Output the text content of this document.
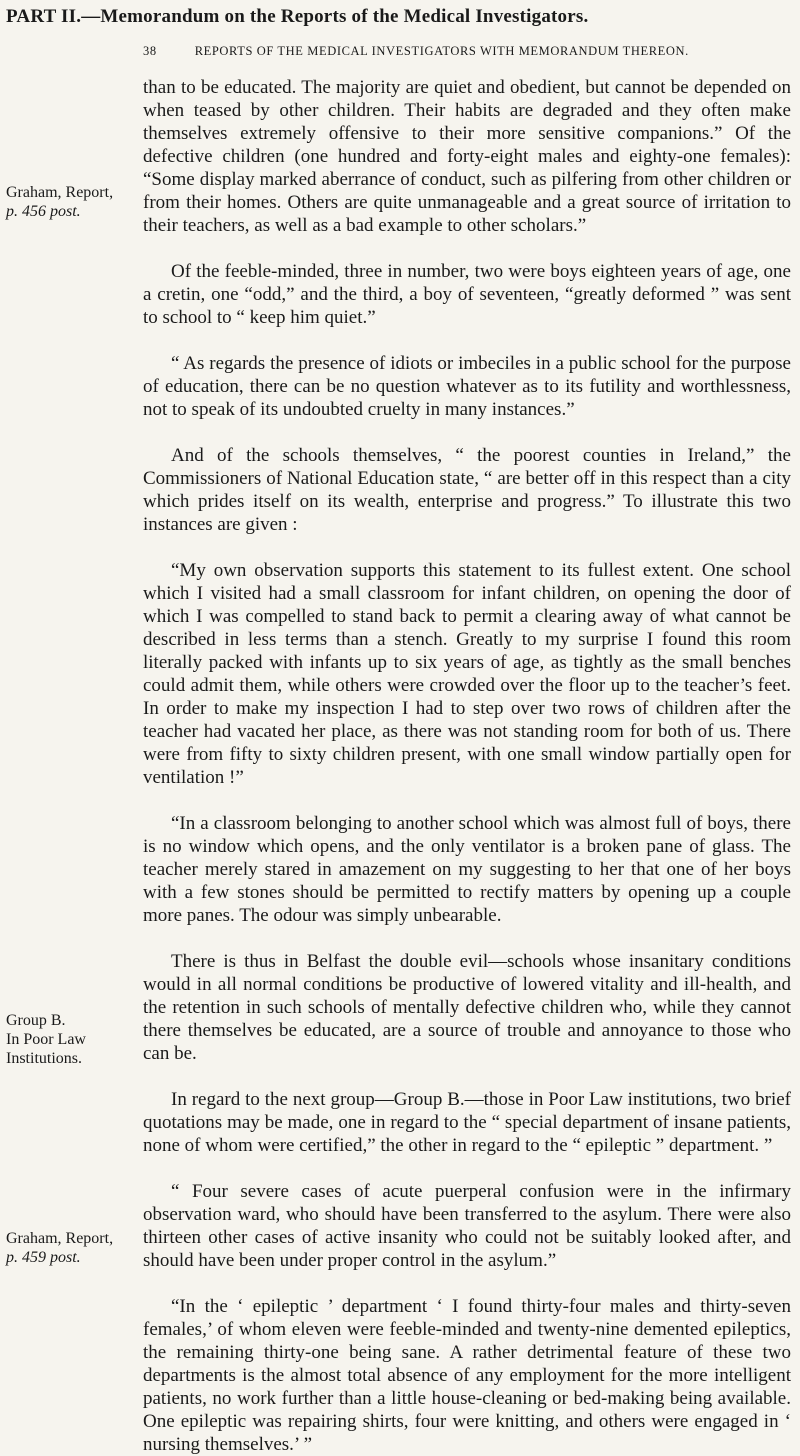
PART II.—Memorandum on the Reports of the Medical Investigators.
38	REPORTS OF THE MEDICAL INVESTIGATORS WITH MEMORANDUM THEREON.
Graham, Report,
p. 456 post.
Group B.
In Poor Law
Institutions.
Graham, Report,
p. 459 post.

than to be educated. The majority are quiet and obedient, but cannot be depended on when teased by other children. Their habits are degraded and they often make themselves extremely offensive to their more sensitive companions.” Of the defective children (one hundred and forty-eight males and eighty-one females): “Some display marked aberrance of conduct, such as pilfering from other children or from their homes. Others are quite unmanageable and a great source of irritation to their teachers, as well as a bad example to other scholars.”

Of the feeble-minded, three in number, two were boys eighteen years of age, one a cretin, one “odd,” and the third, a boy of seventeen, “greatly deformed ” was sent to school to “ keep him quiet.”

“ As regards the presence of idiots or imbeciles in a public school for the purpose of education, there can be no question whatever as to its futility and worthlessness, not to speak of its undoubted cruelty in many instances.”

And of the schools themselves, “ the poorest counties in Ireland,” the Commissioners of National Education state, “ are better off in this respect than a city which prides itself on its wealth, enterprise and progress.” To illustrate this two instances are given :

“My own observation supports this statement to its fullest extent. One school which I visited had a small classroom for infant children, on opening the door of which I was compelled to stand back to permit a clearing away of what cannot be described in less terms than a stench. Greatly to my surprise I found this room literally packed with infants up to six years of age, as tightly as the small benches could admit them, while others were crowded over the floor up to the teacher’s feet. In order to make my inspection I had to step over two rows of children after the teacher had vacated her place, as there was not standing room for both of us. There were from fifty to sixty children present, with one small window partially open for ventilation !”

“In a classroom belonging to another school which was almost full of boys, there is no window which opens, and the only ventilator is a broken pane of glass. The teacher merely stared in amazement on my suggesting to her that one of her boys with a few stones should be permitted to rectify matters by opening up a couple more panes. The odour was simply unbearable.

There is thus in Belfast the double evil—schools whose insanitary conditions would in all normal conditions be productive of lowered vitality and ill-health, and the retention in such schools of mentally defective children who, while they cannot there themselves be educated, are a source of trouble and annoyance to those who can be.

In regard to the next group—Group B.—those in Poor Law institutions, two brief quotations may be made, one in regard to the “ special department of insane patients, none of whom were certified,” the other in regard to the “ epileptic ” department. ”

“ Four severe cases of acute puerperal confusion were in the infirmary observation ward, who should have been transferred to the asylum. There were also thirteen other cases of active insanity who could not be suitably looked after, and should have been under proper control in the asylum.”

“In the ‘ epileptic ’ department ‘ I found thirty-four males and thirty-seven females,’ of whom eleven were feeble-minded and twenty-nine demented epileptics, the remaining thirty-one being sane. A rather detrimental feature of these two departments is the almost total absence of any employment for the more intelligent patients, no work further than a little house-cleaning or bed-making being available. One epileptic was repairing shirts, four were knitting, and others were engaged in ‘ nursing themselves.’ ”
